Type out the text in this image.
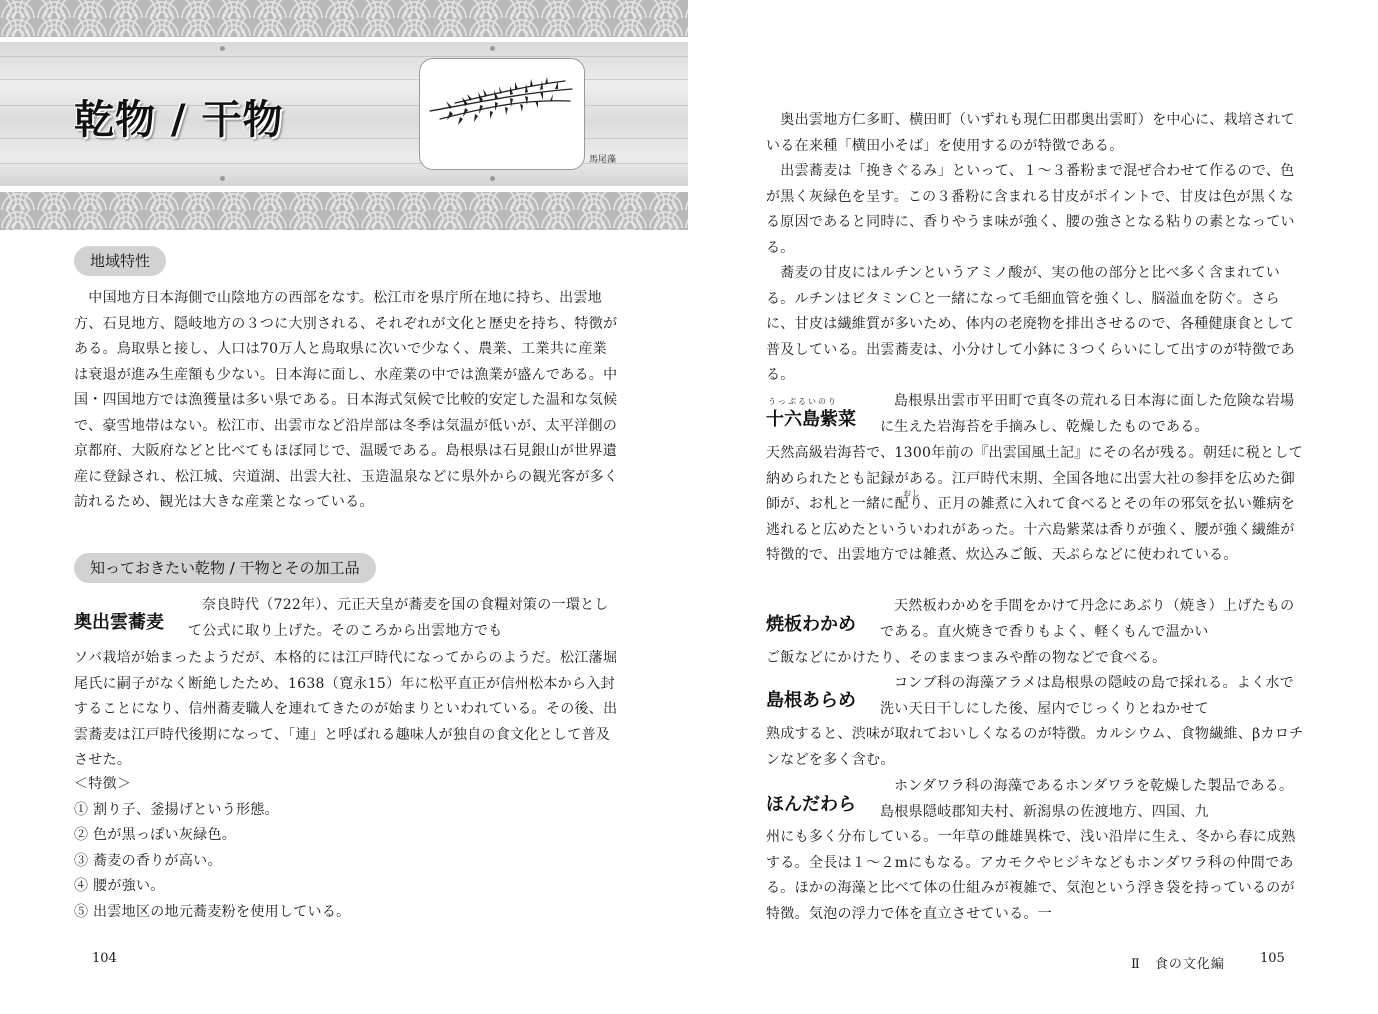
乾物 / 干物
馬尾藻
地域特性
　中国地方日本海側で山陰地方の西部をなす。松江市を県庁所在地に持ち、出雲地方、石見地方、隠岐地方の３つに大別される、それぞれが文化と歴史を持ち、特徴がある。鳥取県と接し、人口は70万人と鳥取県に次いで少なく、農業、工業共に産業は衰退が進み生産額も少ない。日本海に面し、水産業の中では漁業が盛んである。中国・四国地方では漁獲量は多い県である。日本海式気候で比較的安定した温和な気候で、豪雪地帯はない。松江市、出雲市など沿岸部は冬季は気温が低いが、太平洋側の京都府、大阪府などと比べてもほぼ同じで、温暖である。島根県は石見銀山が世界遺産に登録され、松江城、宍道湖、出雲大社、玉造温泉などに県外からの観光客が多く訪れるため、観光は大きな産業となっている。
知っておきたい乾物 / 干物とその加工品
奥出雲蕎麦
奈良時代（722年）、元正天皇が蕎麦を国の食糧対策の一環として公式に取り上げた。そのころから出雲地方でも
ソバ栽培が始まったようだが、本格的には江戸時代になってからのようだ。松江藩堀尾氏に嗣子がなく断絶したため、1638（寛永15）年に松平直正が信州松本から入封することになり、信州蕎麦職人を連れてきたのが始まりといわれている。その後、出雲蕎麦は江戸時代後期になって、「連」と呼ばれる趣味人が独自の食文化として普及させた。
＜特徴＞
① 割り子、釜揚げという形態。
② 色が黒っぽい灰緑色。
③ 蕎麦の香りが高い。
④ 腰が強い。
⑤ 出雲地区の地元蕎麦粉を使用している。
104
　奥出雲地方仁多町、横田町（いずれも現仁田郡奥出雲町）を中心に、栽培されている在来種「横田小そば」を使用するのが特徴である。
　出雲蕎麦は「挽きぐるみ」といって、１～３番粉まで混ぜ合わせて作るので、色が黒く灰緑色を呈す。この３番粉に含まれる甘皮がポイントで、甘皮は色が黒くなる原因であると同時に、香りやうま味が強く、腰の強さとなる粘りの素となっている。
　蕎麦の甘皮にはルチンというアミノ酸が、実の他の部分と比べ多く含まれている。ルチンはビタミンＣと一緒になって毛細血管を強くし、脳溢血を防ぐ。さらに、甘皮は繊維質が多いため、体内の老廃物を排出させるので、各種健康食として普及している。出雲蕎麦は、小分けして小鉢に３つくらいにして出すのが特徴である。
うっぷるいのり
十六島紫菜
島根県出雲市平田町で真冬の荒れる日本海に面した危険な岩場に生えた岩海苔を手摘みし、乾燥したものである。
天然高級岩海苔で、1300年前の『出雲国風土記』にその名が残る。朝廷に税として納められたとも記録がある。江戸時代末期、全国各地に出雲大社の参拝を広めた御師が、お札と一緒に配り、正月の雑煮に入れて食べるとその年の邪気を払い難病を逃れると広めたといういわれがあった。十六島紫菜は香りが強く、腰が強く繊維が特徴的で、出雲地方では雑煮、炊込みご飯、天ぷらなどに使われている。
おし
焼板わかめ
天然板わかめを手間をかけて丹念にあぶり（焼き）上げたものである。直火焼きで香りもよく、軽くもんで温かい
ご飯などにかけたり、そのままつまみや酢の物などで食べる。
島根あらめ
コンブ科の海藻アラメは島根県の隠岐の島で採れる。よく水で洗い天日干しにした後、屋内でじっくりとねかせて
熟成すると、渋味が取れておいしくなるのが特徴。カルシウム、食物繊維、βカロチンなどを多く含む。
ほんだわら
ホンダワラ科の海藻であるホンダワラを乾燥した製品である。島根県隠岐郡知夫村、新潟県の佐渡地方、四国、九
州にも多く分布している。一年草の雌雄異株で、浅い沿岸に生え、冬から春に成熟する。全長は１～２mにもなる。アカモクやヒジキなどもホンダワラ科の仲間である。ほかの海藻と比べて体の仕組みが複雑で、気泡という浮き袋を持っているのが特徴。気泡の浮力で体を直立させている。一
Ⅱ　食の文化編	105
